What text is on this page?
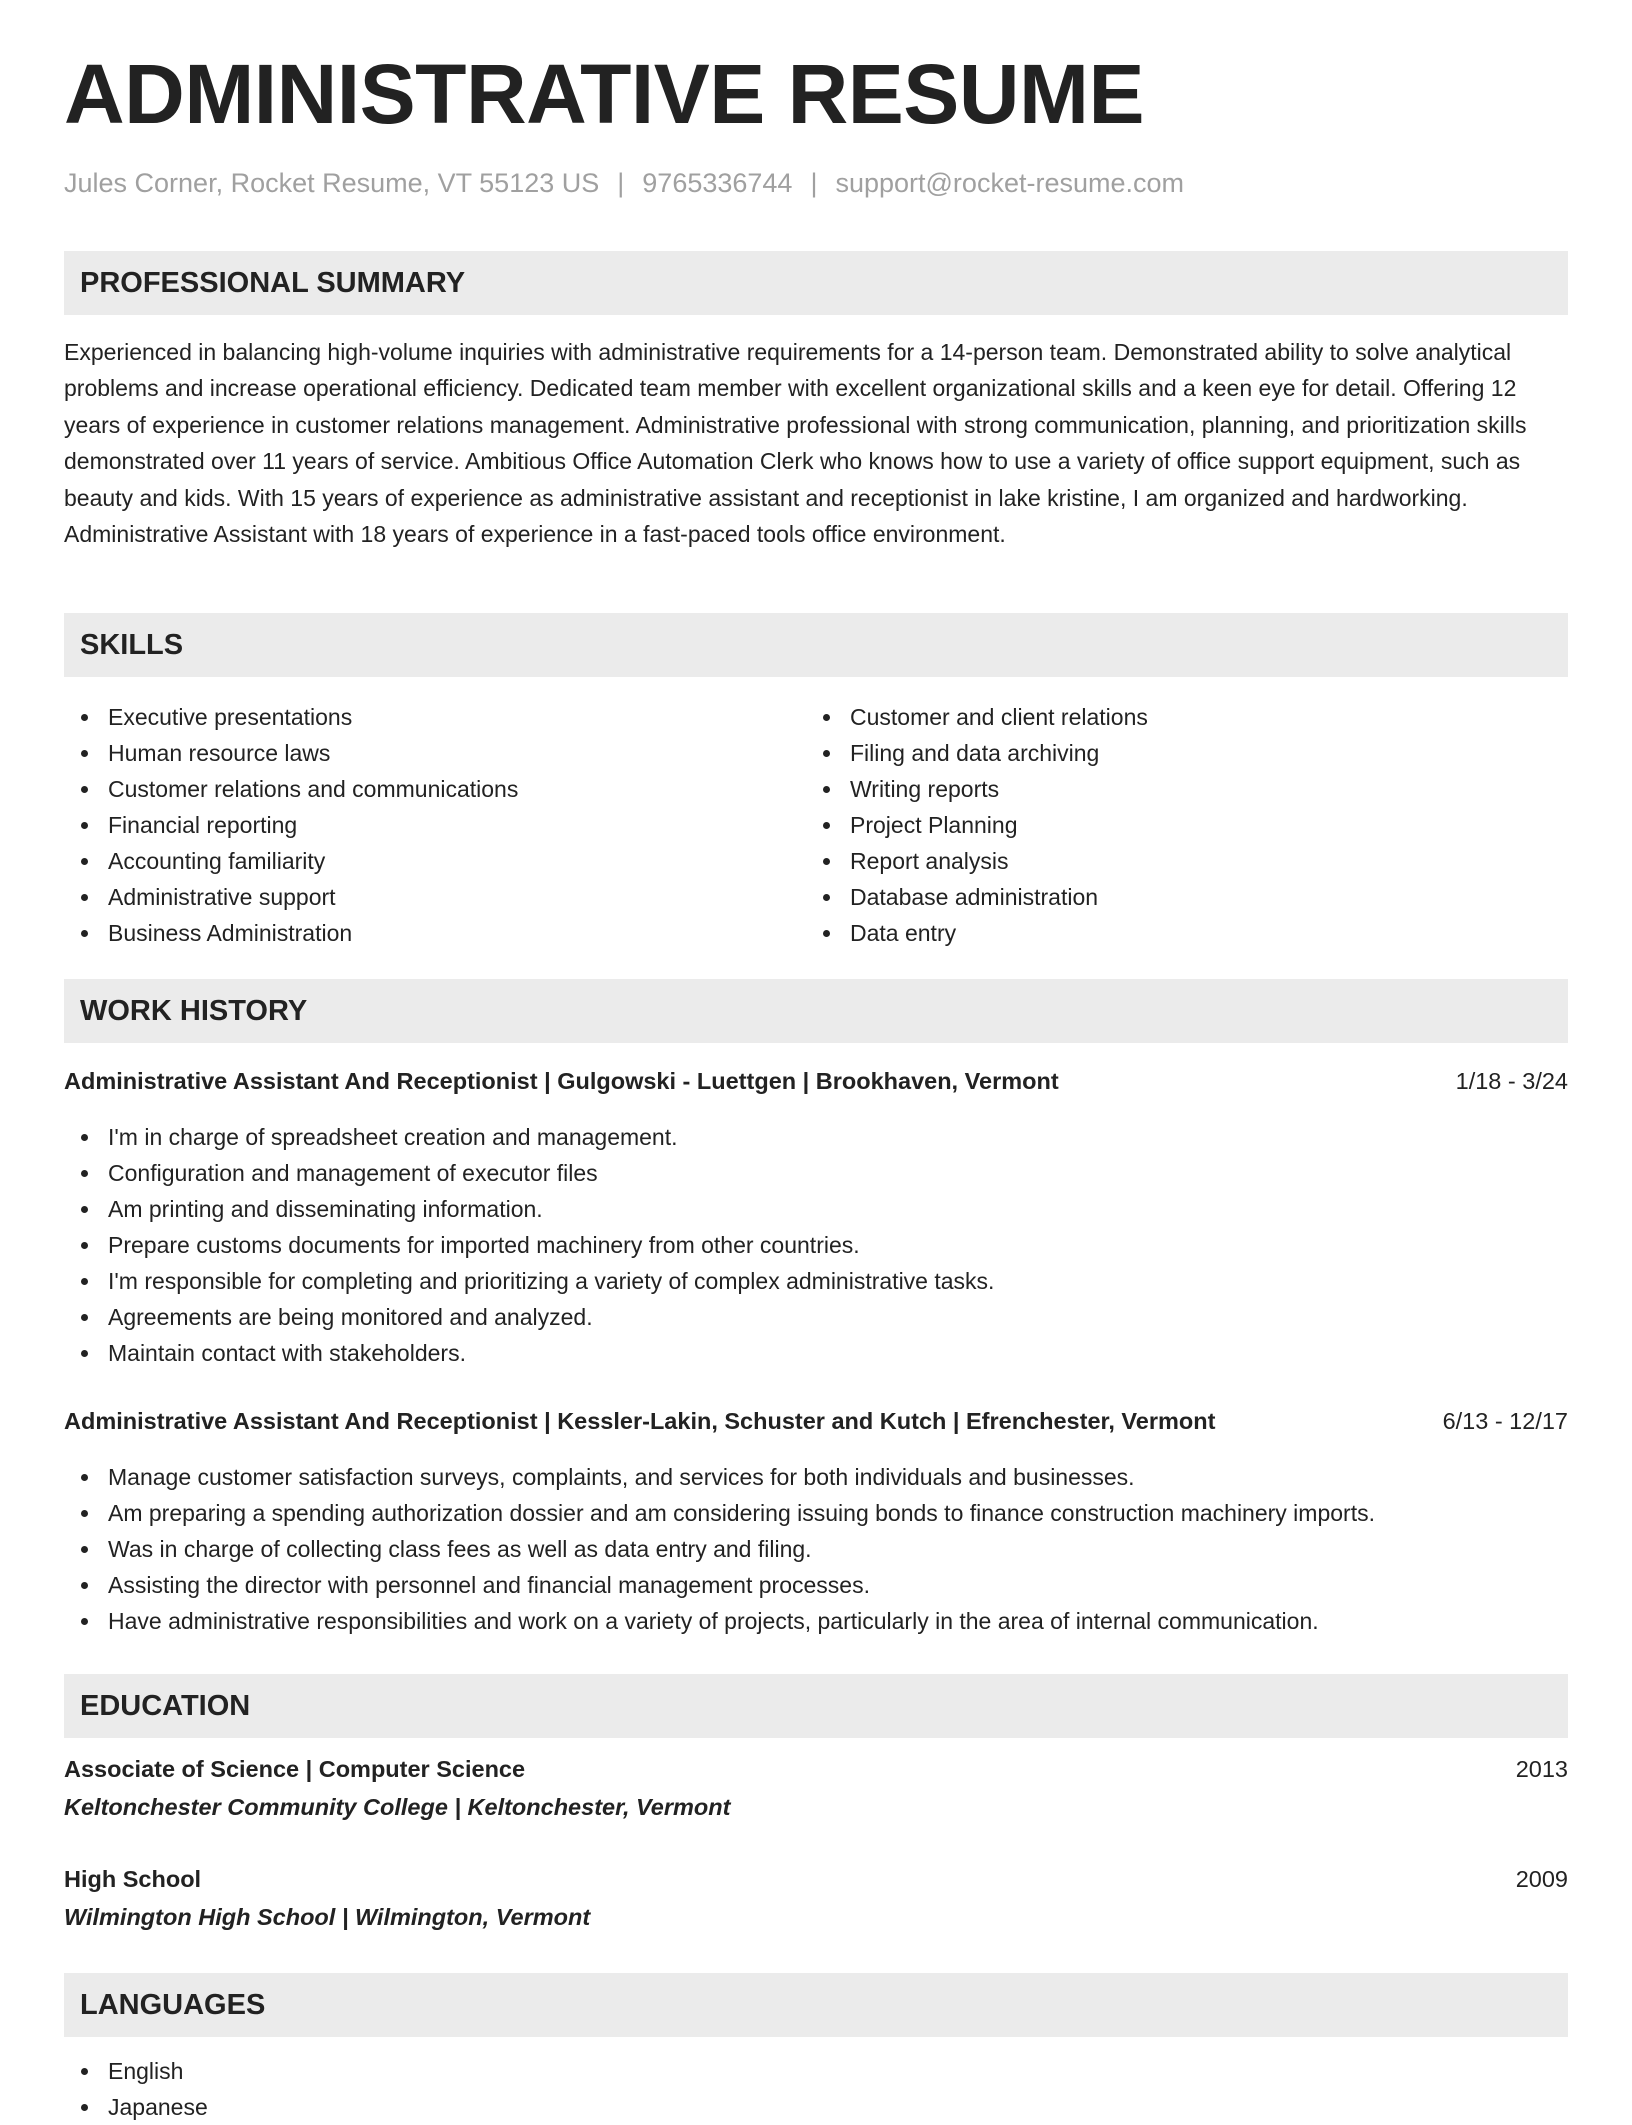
ADMINISTRATIVE RESUME
Jules Corner, Rocket Resume, VT 55123 US | 9765336744 | support@rocket-resume.com
PROFESSIONAL SUMMARY

Experienced in balancing high-volume inquiries with administrative requirements for a 14-person team. Demonstrated ability to solve analytical problems and increase operational efficiency. Dedicated team member with excellent organizational skills and a keen eye for detail. Offering 12 years of experience in customer relations management. Administrative professional with strong communication, planning, and prioritization skills demonstrated over 11 years of service. Ambitious Office Automation Clerk who knows how to use a variety of office support equipment, such as beauty and kids. With 15 years of experience as administrative assistant and receptionist in lake kristine, I am organized and hardworking. Administrative Assistant with 18 years of experience in a fast-paced tools office environment.

SKILLS
Executive presentations
Human resource laws
Customer relations and communications
Financial reporting
Accounting familiarity
Administrative support
Business Administration
Customer and client relations
Filing and data archiving
Writing reports
Project Planning
Report analysis
Database administration
Data entry
WORK HISTORY
Administrative Assistant And Receptionist | Gulgowski - Luettgen | Brookhaven, Vermont	1/18 - 3/24
I'm in charge of spreadsheet creation and management.
Configuration and management of executor files
Am printing and disseminating information.
Prepare customs documents for imported machinery from other countries.
I'm responsible for completing and prioritizing a variety of complex administrative tasks.
Agreements are being monitored and analyzed.
Maintain contact with stakeholders.
Administrative Assistant And Receptionist | Kessler-Lakin, Schuster and Kutch | Efrenchester, Vermont	6/13 - 12/17
Manage customer satisfaction surveys, complaints, and services for both individuals and businesses.
Am preparing a spending authorization dossier and am considering issuing bonds to finance construction machinery imports.
Was in charge of collecting class fees as well as data entry and filing.
Assisting the director with personnel and financial management processes.
Have administrative responsibilities and work on a variety of projects, particularly in the area of internal communication.
EDUCATION
Associate of Science | Computer Science	2013
Keltonchester Community College | Keltonchester, Vermont
High School	2009
Wilmington High School | Wilmington, Vermont
LANGUAGES
English
Japanese
